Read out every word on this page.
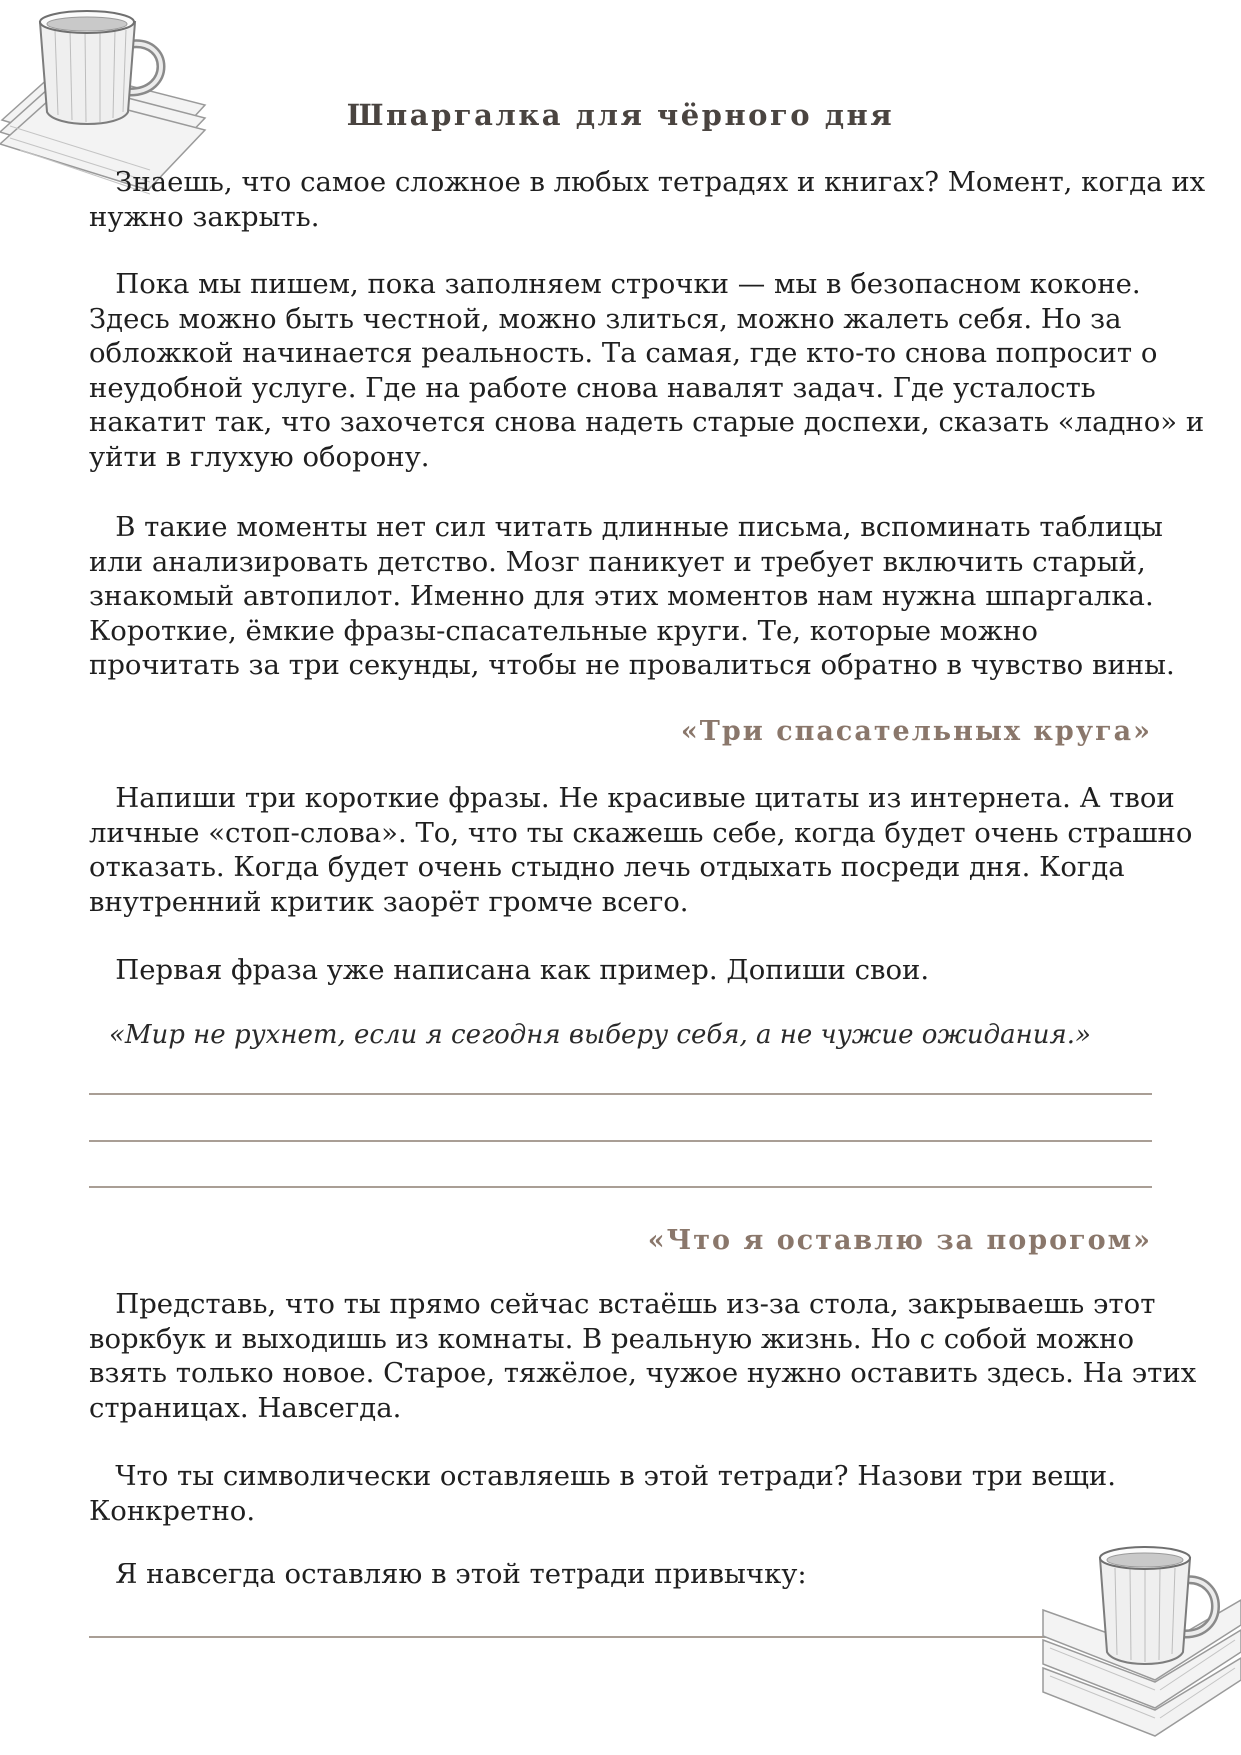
Шпаргалка для чёрного дня
Знаешь, что самое сложное в любых тетрадях и книгах? Момент, когда их
нужно закрыть.
Пока мы пишем, пока заполняем строчки — мы в безопасном коконе.
Здесь можно быть честной, можно злиться, можно жалеть себя. Но за
обложкой начинается реальность. Та самая, где кто-то снова попросит о
неудобной услуге. Где на работе снова навалят задач. Где усталость
накатит так, что захочется снова надеть старые доспехи, сказать «ладно» и
уйти в глухую оборону.
В такие моменты нет сил читать длинные письма, вспоминать таблицы
или анализировать детство. Мозг паникует и требует включить старый,
знакомый автопилот. Именно для этих моментов нам нужна шпаргалка.
Короткие, ёмкие фразы-спасательные круги. Те, которые можно
прочитать за три секунды, чтобы не провалиться обратно в чувство вины.
«Три спасательных круга»
Напиши три короткие фразы. Не красивые цитаты из интернета. А твои
личные «стоп-слова». То, что ты скажешь себе, когда будет очень страшно
отказать. Когда будет очень стыдно лечь отдыхать посреди дня. Когда
внутренний критик заорёт громче всего.
Первая фраза уже написана как пример. Допиши свои.
«Мир не рухнет, если я сегодня выберу себя, а не чужие ожидания.»
«Что я оставлю за порогом»
Представь, что ты прямо сейчас встаёшь из-за стола, закрываешь этот
воркбук и выходишь из комнаты. В реальную жизнь. Но с собой можно
взять только новое. Старое, тяжёлое, чужое нужно оставить здесь. На этих
страницах. Навсегда.
Что ты символически оставляешь в этой тетради? Назови три вещи.
Конкретно.
Я навсегда оставляю в этой тетради привычку:
